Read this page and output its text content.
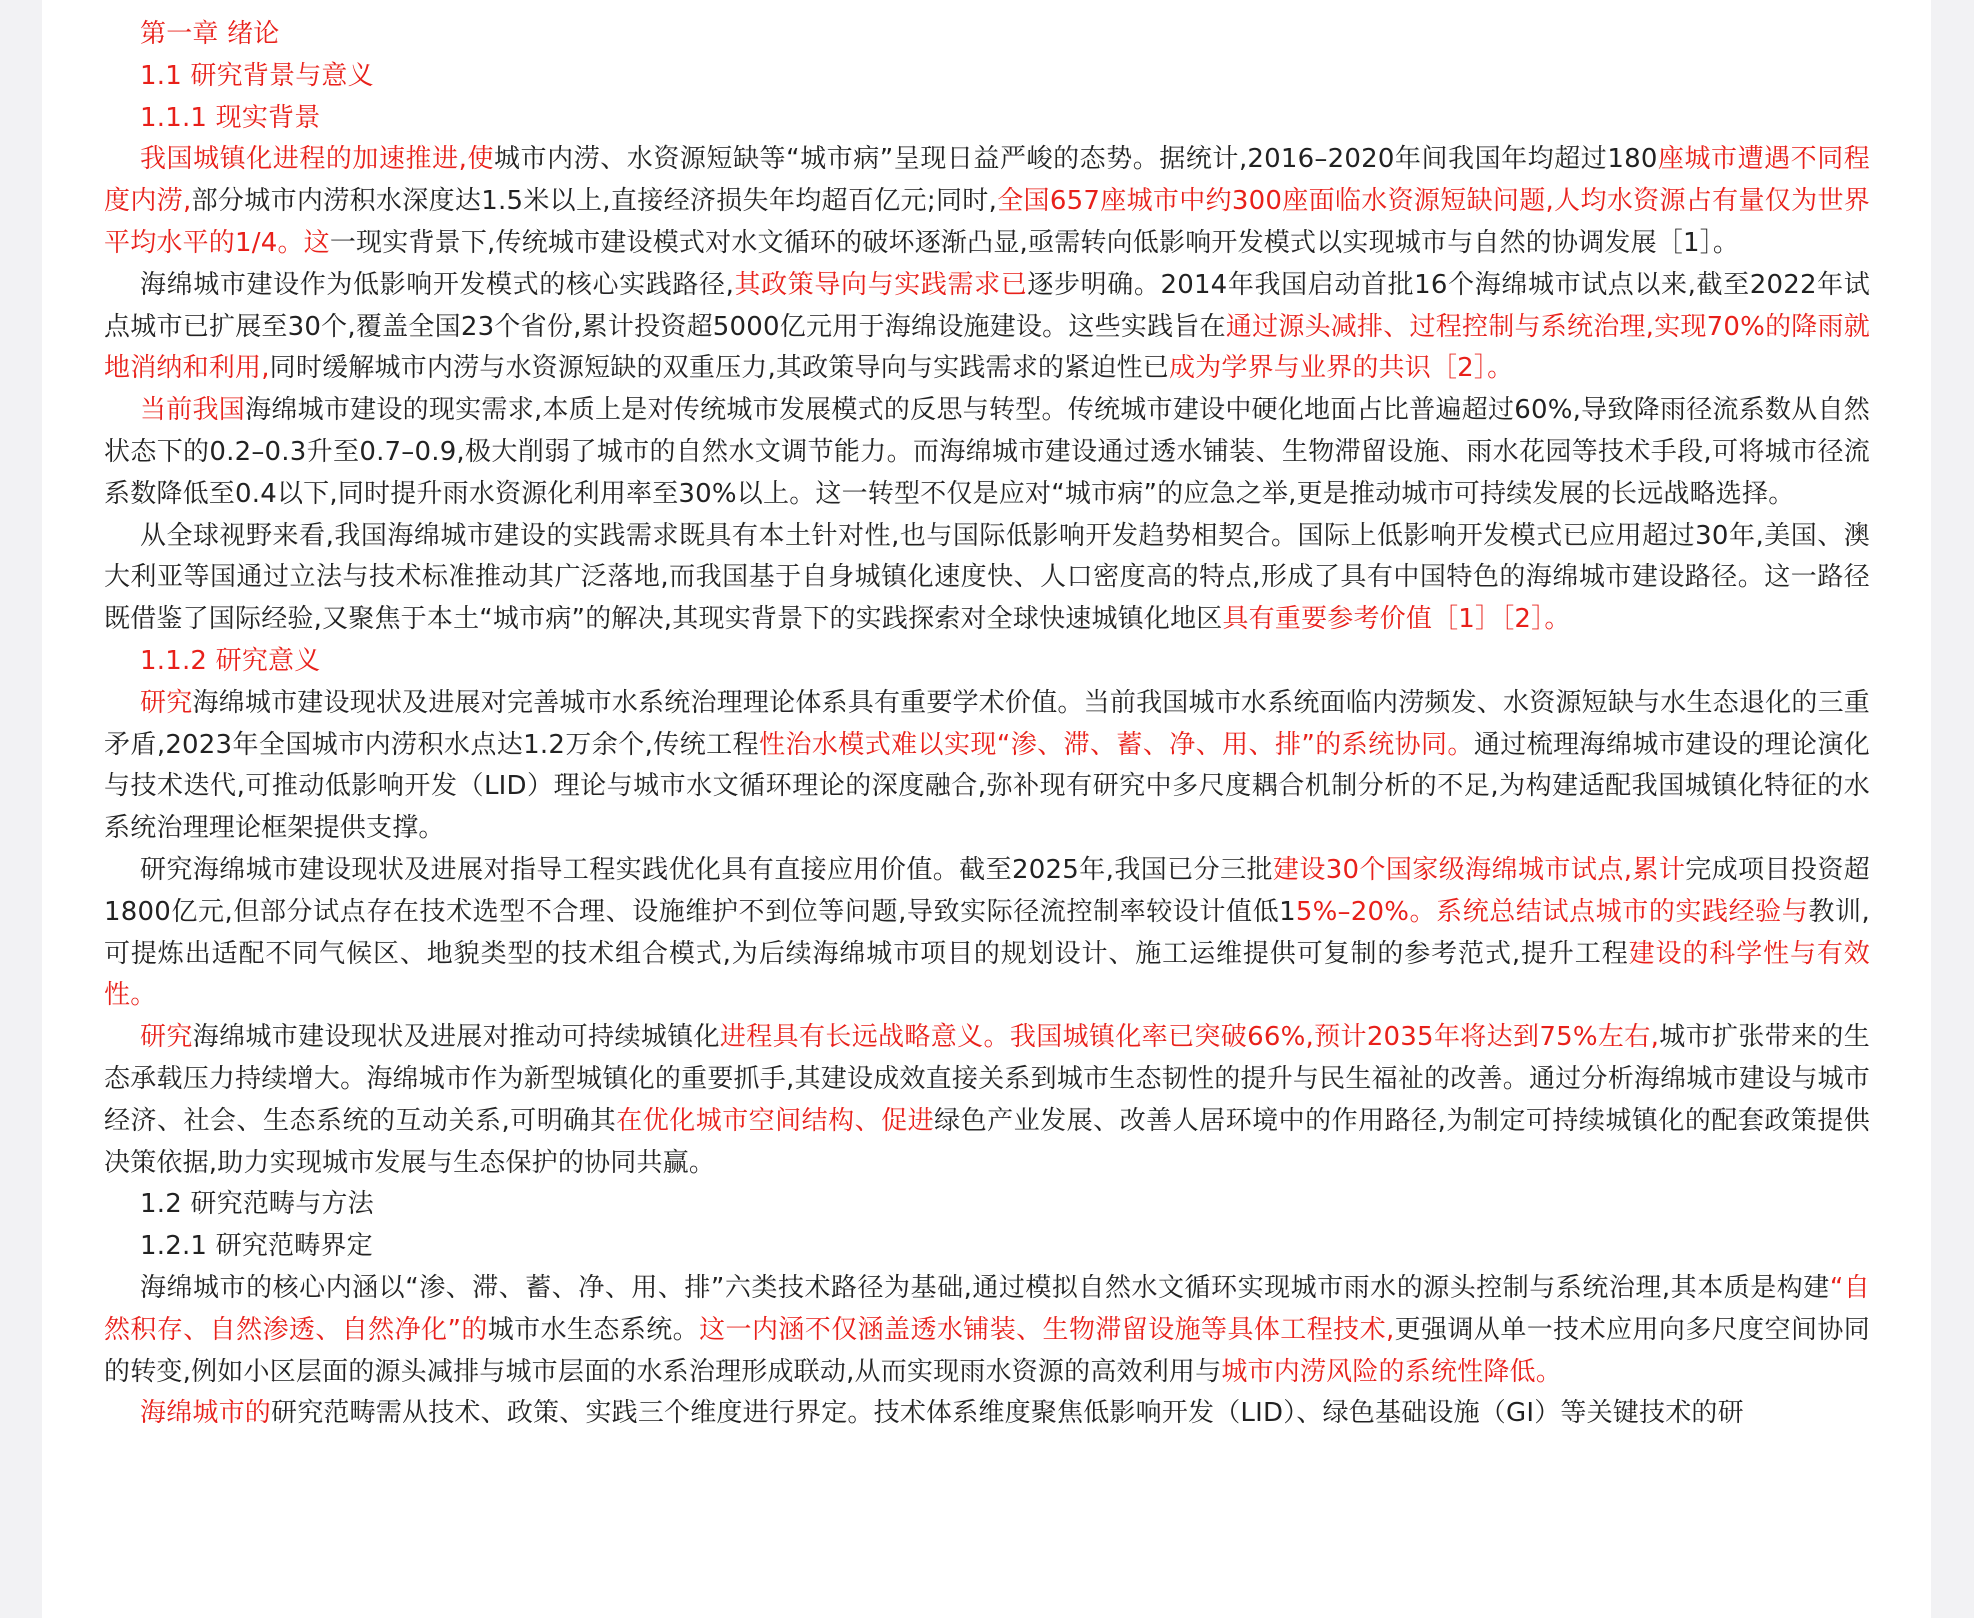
第一章 绪论
1.1 研究背景与意义
1.1.1 现实背景

我国城镇化进程的加速推进,使城市内涝、水资源短缺等“城市病”呈现日益严峻的态势。据统计,2016–2020年间我国年均超过180座城市遭遇不同程度内涝,部分城市内涝积水深度达1.5米以上,直接经济损失年均超百亿元;同时,全国657座城市中约300座面临水资源短缺问题,人均水资源占有量仅为世界平均水平的1/4。这一现实背景下,传统城市建设模式对水文循环的破坏逐渐凸显,亟需转向低影响开发模式以实现城市与自然的协调发展［1］。

海绵城市建设作为低影响开发模式的核心实践路径,其政策导向与实践需求已逐步明确。2014年我国启动首批16个海绵城市试点以来,截至2022年试点城市已扩展至30个,覆盖全国23个省份,累计投资超5000亿元用于海绵设施建设。这些实践旨在通过源头减排、过程控制与系统治理,实现70%的降雨就地消纳和利用,同时缓解城市内涝与水资源短缺的双重压力,其政策导向与实践需求的紧迫性已成为学界与业界的共识［2］。

当前我国海绵城市建设的现实需求,本质上是对传统城市发展模式的反思与转型。传统城市建设中硬化地面占比普遍超过60%,导致降雨径流系数从自然状态下的0.2–0.3升至0.7–0.9,极大削弱了城市的自然水文调节能力。而海绵城市建设通过透水铺装、生物滞留设施、雨水花园等技术手段,可将城市径流系数降低至0.4以下,同时提升雨水资源化利用率至30%以上。这一转型不仅是应对“城市病”的应急之举,更是推动城市可持续发展的长远战略选择。

从全球视野来看,我国海绵城市建设的实践需求既具有本土针对性,也与国际低影响开发趋势相契合。国际上低影响开发模式已应用超过30年,美国、澳大利亚等国通过立法与技术标准推动其广泛落地,而我国基于自身城镇化速度快、人口密度高的特点,形成了具有中国特色的海绵城市建设路径。这一路径既借鉴了国际经验,又聚焦于本土“城市病”的解决,其现实背景下的实践探索对全球快速城镇化地区具有重要参考价值［1］［2］。

1.1.2 研究意义

研究海绵城市建设现状及进展对完善城市水系统治理理论体系具有重要学术价值。当前我国城市水系统面临内涝频发、水资源短缺与水生态退化的三重矛盾,2023年全国城市内涝积水点达1.2万余个,传统工程性治水模式难以实现“渗、滞、蓄、净、用、排”的系统协同。通过梳理海绵城市建设的理论演化与技术迭代,可推动低影响开发（LID）理论与城市水文循环理论的深度融合,弥补现有研究中多尺度耦合机制分析的不足,为构建适配我国城镇化特征的水系统治理理论框架提供支撑。

研究海绵城市建设现状及进展对指导工程实践优化具有直接应用价值。截至2025年,我国已分三批建设30个国家级海绵城市试点,累计完成项目投资超1800亿元,但部分试点存在技术选型不合理、设施维护不到位等问题,导致实际径流控制率较设计值低15%–20%。系统总结试点城市的实践经验与教训,可提炼出适配不同气候区、地貌类型的技术组合模式,为后续海绵城市项目的规划设计、施工运维提供可复制的参考范式,提升工程建设的科学性与有效性。

研究海绵城市建设现状及进展对推动可持续城镇化进程具有长远战略意义。我国城镇化率已突破66%,预计2035年将达到75%左右,城市扩张带来的生态承载压力持续增大。海绵城市作为新型城镇化的重要抓手,其建设成效直接关系到城市生态韧性的提升与民生福祉的改善。通过分析海绵城市建设与城市经济、社会、生态系统的互动关系,可明确其在优化城市空间结构、促进绿色产业发展、改善人居环境中的作用路径,为制定可持续城镇化的配套政策提供决策依据,助力实现城市发展与生态保护的协同共赢。

1.2 研究范畴与方法
1.2.1 研究范畴界定

海绵城市的核心内涵以“渗、滞、蓄、净、用、排”六类技术路径为基础,通过模拟自然水文循环实现城市雨水的源头控制与系统治理,其本质是构建“自然积存、自然渗透、自然净化”的城市水生态系统。这一内涵不仅涵盖透水铺装、生物滞留设施等具体工程技术,更强调从单一技术应用向多尺度空间协同的转变,例如小区层面的源头减排与城市层面的水系治理形成联动,从而实现雨水资源的高效利用与城市内涝风险的系统性降低。

海绵城市的研究范畴需从技术、政策、实践三个维度进行界定。技术体系维度聚焦低影响开发（LID）、绿色基础设施（GI）等关键技术的研
